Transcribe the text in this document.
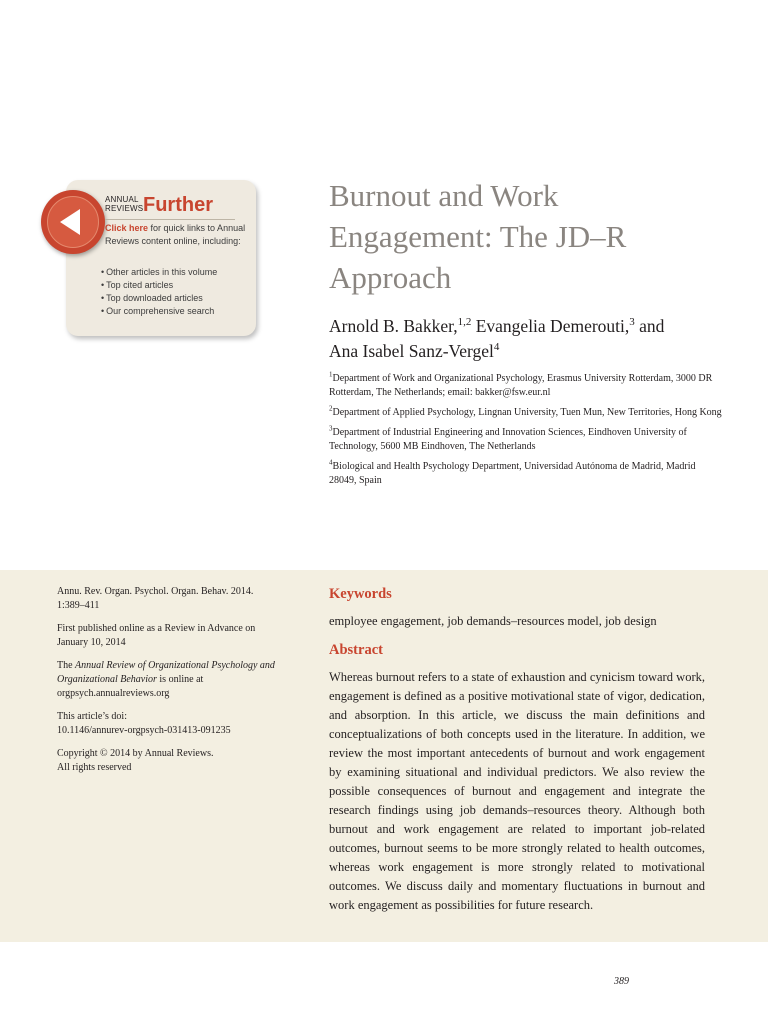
ANNUAL
REVIEWS Further
Click here for quick links to Annual Reviews content online, including:
• Other articles in this volume
• Top cited articles
• Top downloaded articles
• Our comprehensive search
Burnout and Work Engagement: The JD–R Approach
Arnold B. Bakker,$^{1,2}$ Evangelia Demerouti,$^3$ and
Ana Isabel Sanz-Vergel$^4$

$^1$Department of Work and Organizational Psychology, Erasmus University Rotterdam, 3000 DR Rotterdam, The Netherlands; email: bakker@fsw.eur.nl

$^2$Department of Applied Psychology, Lingnan University, Tuen Mun, New Territories, Hong Kong

$^3$Department of Industrial Engineering and Innovation Sciences, Eindhoven University of Technology, 5600 MB Eindhoven, The Netherlands

$^4$Biological and Health Psychology Department, Universidad Autónoma de Madrid, Madrid 28049, Spain

Annu. Rev. Organ. Psychol. Organ. Behav. 2014. 1:389–411

First published online as a Review in Advance on January 10, 2014

The Annual Review of Organizational Psychology and Organizational Behavior is online at orgpsych.annualreviews.org

This article’s doi:
10.1146/annurev-orgpsych-031413-091235

Copyright © 2014 by Annual Reviews.
All rights reserved

Keywords

employee engagement, job demands–resources model, job design

Abstract

Whereas burnout refers to a state of exhaustion and cynicism toward work, engagement is defined as a positive motivational state of vigor, dedication, and absorption. In this article, we discuss the main definitions and conceptualizations of both concepts used in the literature. In addition, we review the most important antecedents of burnout and work engagement by examining situational and individual predictors. We also review the possible consequences of burnout and engagement and integrate the research findings using job demands–resources theory. Although both burnout and work engagement are related to important job-related outcomes, burnout seems to be more strongly related to health outcomes, whereas work engagement is more strongly related to motivational outcomes. We discuss daily and momentary fluctuations in burnout and work engagement as possibilities for future research.

389
